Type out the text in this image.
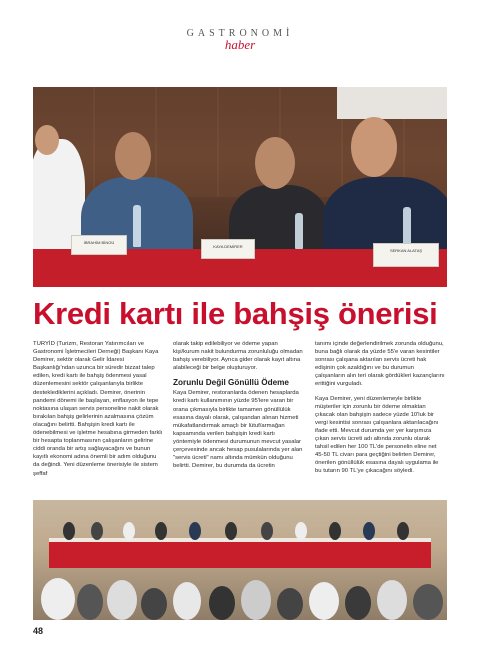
GASTRONOMİ
haber
İBRAHİM BİNGÜ
KAYA DEMİRER
SERKAN ALATAŞ
Kredi kartı ile bahşiş önerisi

TURYİD (Turizm, Restoran Yatırımcıları ve Gastronomi İşletmecileri Derneği) Başkanı Kaya Demirer, sektör olarak Gelir İdaresi Başkanlığı'ndan uzunca bir süredir bizzat talep edilen, kredi kartı ile bahşiş ödenmesi yasal düzenlemesini sektör çalışanlarıyla birlikte desteklediklerini açıkladı. Demirer, önerinin pandemi dönemi ile başlayan, enflasyon ile tepe noktasına ulaşan servis personeline nakit olarak bırakılan bahşiş gelirlerinin azalmasına çözüm olacağını belirtti. Bahşişin kredi kartı ile ödenebilmesi ve işletme hesabına girmeden farklı bir hesapta toplanmasının çalışanların gelirine ciddi oranda bir artış sağlayacağını ve bunun kayıtlı ekonomi adına önemli bir adım olduğunu da değindi. Yeni düzenleme önerisiyle ile sistem şeffaf

olarak takip edilebiliyor ve ödeme yapan kişi/kurum nakit bulundurma zorunluluğu olmadan bahşiş verebiliyor. Ayrıca gider olarak kayıt altına alabileceği bir belge oluşturuyor.

Zorunlu Değil Gönüllü Ödeme

Kaya Demirer, restoranlarda ödenen hesaplarda kredi kartı kullanımının yüzde 95'lere varan bir orana çıkmasıyla birlikte tamamen gönüllülük esasına dayalı olarak, çalışandan alınan hizmeti mükafatlandırmak amaçlı bir lütuf/armağan kapsamında verilen bahşişin kredi kartı yöntemiyle ödenmesi durumunun mevcut yasalar çerçevesinde ancak hesap pusulalarında yer alan "servis ücreti" namı altında mümkün olduğunu belirtti. Demirer, bu durumda da ücretin

tanımı içinde değerlendirilmek zorunda olduğunu, buna bağlı olarak da yüzde 55'e varan kesintiler sonrası çalışana aktarılan servis ücreti hak edişinin çok azaldığını ve bu durumun çalışanların alın teri olarak gördükleri kazançlarını erittiğini vurguladı.

Kaya Demirer, yeni düzenlemeyle birlikte müşteriler için zorunlu bir ödeme olmaktan çıkacak olan bahşişin sadece yüzde 10'luk bir vergi kesintisi sonrası çalışanlara aktarılacağını ifade etti. Mevcut durumda yer yer karşımıza çıkan servis ücreti adı altında zorunlu olarak tahsil edilen her 100 TL'de personelin eline net 45-50 TL civarı para geçtiğini belirten Demirer, önerilen gönüllülük esasına dayalı uygulama ile bu tutarın 90 TL'ye çıkacağını söyledi.

48
